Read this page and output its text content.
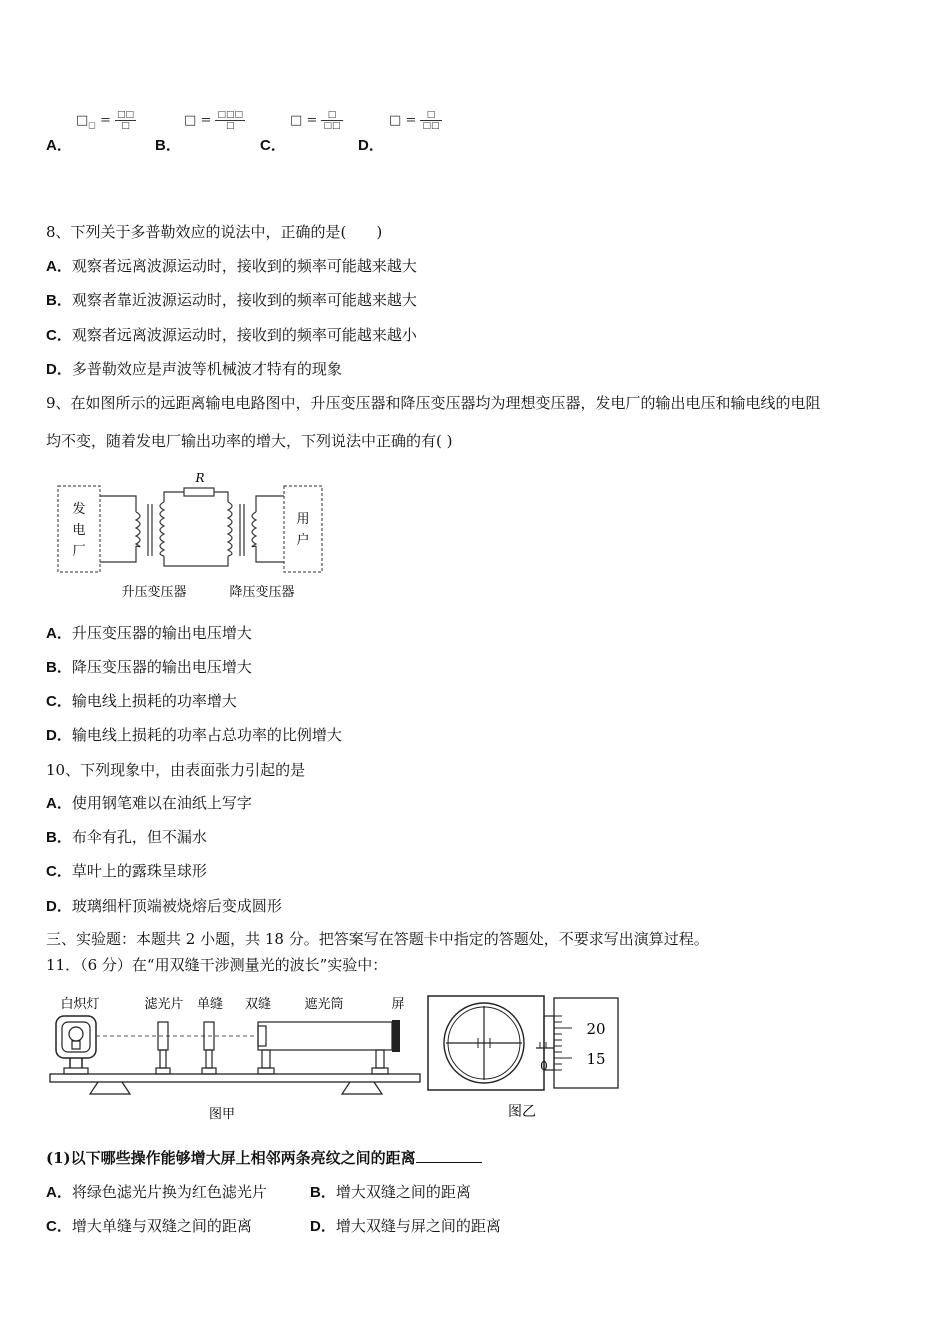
A．
$□_□ = \frac{□□}{□}$
B．
□ = $\frac{□□□}{□}$
C．
□ = $\frac{□}{□□}$
D．
□ = $\frac{□}{□□}$
8、下列关于多普勒效应的说法中，正确的是(　　)
A．观察者远离波源运动时，接收到的频率可能越来越大
B．观察者靠近波源运动时，接收到的频率可能越来越大
C．观察者远离波源运动时，接收到的频率可能越来越小
D．多普勒效应是声波等机械波才特有的现象
9、在如图所示的远距离输电电路图中，升压变压器和降压变压器均为理想变压器，发电厂的输出电压和输电线的电阻
均不变，随着发电厂输出功率的增大，下列说法中正确的有( )
发
电
厂
用
户
R
升压变压器	降压变压器
A．升压变压器的输出电压增大
B．降压变压器的输出电压增大
C．输电线上损耗的功率增大
D．输电线上损耗的功率占总功率的比例增大
10、下列现象中，由表面张力引起的是
A．使用钢笔难以在油纸上写字
B．布伞有孔，但不漏水
C．草叶上的露珠呈球形
D．玻璃细杆顶端被烧熔后变成圆形
三、实验题：本题共 2 小题，共 18 分。把答案写在答题卡中指定的答题处，不要求写出演算过程。
11．（6 分）在“用双缝干涉测量光的波长”实验中：
白炽灯	滤光片 单缝 双缝	遮光筒	屏
图甲
0
20
15
图乙
(1)以下哪些操作能够增大屏上相邻两条亮纹之间的距离
A．将绿色滤光片换为红色滤光片	B．增大双缝之间的距离
C．增大单缝与双缝之间的距离	D．增大双缝与屏之间的距离
